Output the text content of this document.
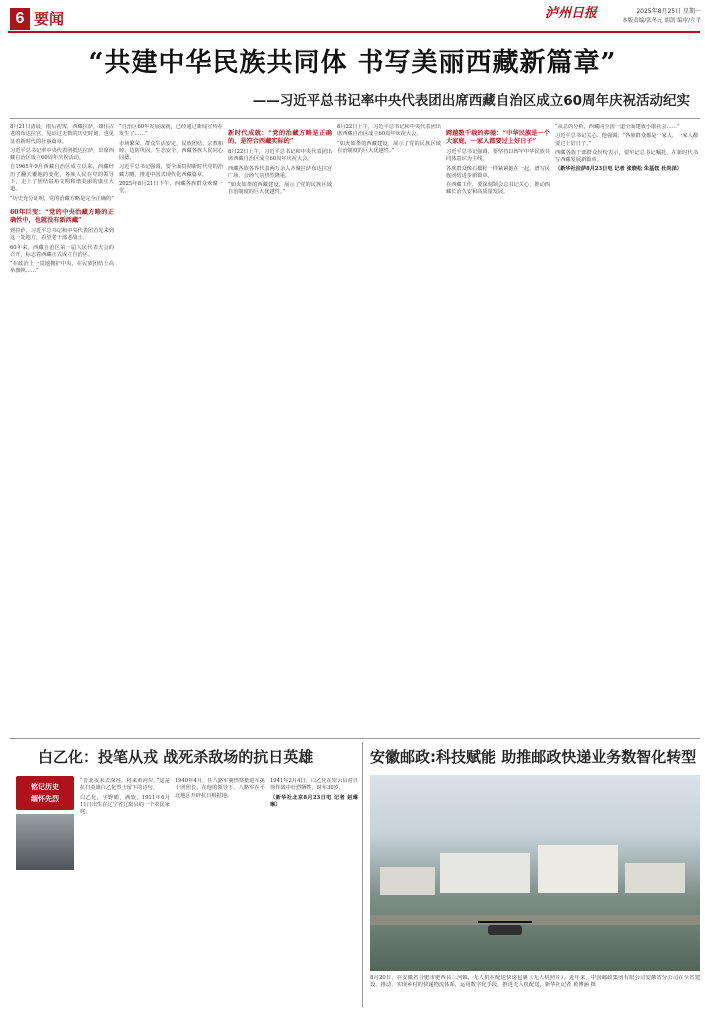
6 要闻	泸州日报	2025年8月25日 星期一
本版责编/张冬元 胡凯 编审/左平
“共建中华民族共同体 书写美丽西藏新篇章”
——习近平总书记率中央代表团出席西藏自治区成立60周年庆祝活动纪实

8月21日清晨，雨后初霁，西藏拉萨。雄伟古老的布达拉宫，见证过无数的历史时刻，也见证着新时代的壮丽篇章。

习近平总书记率中央代表团抵达拉萨，出席西藏自治区成立60周年庆祝活动。

自1965年9月西藏自治区成立以来，西藏经历了翻天覆地的变化，各族人民在党的领导下，走上了团结富裕文明和谐美丽的康庄大道。

“历史充分证明，党的治藏方略是完全正确的”

60年巨变：“党的中央治藏方略的正确性中，也就没有新西藏”

到拉萨，习近平总书记和中央代表团首先来到这一处地方，看望老干部老战士。

60年来，西藏自治区第一届人民代表大会的召开，标志着西藏正式成立自治区。

“在政治上一贯地拥护中央，在民族团结上高举旗帜……”

“自治区60年发展成就，已经通过新闻宣传在发生了……”

市场繁荣、群众生活安定，民族团结、宗教和睦，边防巩固，生态安全，西藏各族人民同心同德。

习近平总书记强调，要全面贯彻新时代党的治藏方略，推进中国式现代化西藏篇章。

2025年8月21日下午，西藏各族群众欢聚一堂。

新时代成就：“党的治藏方略是正确的，是符合西藏实际的”

8月22日上午，习近平总书记和中央代表团出席西藏自治区成立60周年庆祝大会。

西藏各族各界代表两万余人齐聚拉萨布达拉宫广场，会场气氛热烈隆重。

“如火如荼的西藏建设，展示了党的民族区域自治制度的巨大优越性。”

8月22日上午，习近平总书记和中央代表团出席西藏自治区成立60周年庆祝大会。

“如火如荼的西藏建设，展示了党的民族区域自治制度的巨大优越性。”

跨越数千载的奔驰：“中华民族是一个大家庭，一家人都要过上好日子”

习近平总书记强调，要坚持以铸牢中华民族共同体意识为主线。

各族群众像石榴籽一样紧紧抱在一起，谱写民族团结进步新篇章。

在西藏工作，要深刻领会总书记关心，推动西藏长治久安和高质量发展。

“从总的分析，西藏同全国一道全面建成小康社会……”

习近平总书记关心，他强调：“各族群众都是一家人，一家人都要过上好日子。”

西藏各族干部群众纷纷表示，要牢记总书记嘱托，在新时代书写西藏发展新篇章。

（新华社拉萨8月23日电 记者 张晓松 朱基钗 杜尚泽）

白乙化：投笔从戎 战死杀敌场的抗日英雄
铭记历史
缅怀先烈

“晋北夜未去深谷，将来黄河岸。”这是抗日英雄白乙化烈士留下的诗句。

白乙化，字野鹤，满族，1911年6月11日出生在辽宁省辽阳县的一个农民家庭。

1940年4月，任八路军冀热察挺进军第十团团长。在他的领导下，八路军在平北地区开辟抗日根据地。

1941年2月4日，白乙化在密云县对日伪作战中壮烈牺牲，时年30岁。

（新华社北京8月23日电 记者 赵琳琳）

安徽邮政:科技赋能 助推邮政快递业务数智化转型
8月20日，在安徽省合肥市肥西县三河镇，无人机在配送快递包裹（无人机照片）。近年来，中国邮政集团有限公司安徽省分公司在全省建设、推动、实现乡村的快递物流体系，运用数字化手段，推进无人机配送。新华社记者 黄博涵 摄
